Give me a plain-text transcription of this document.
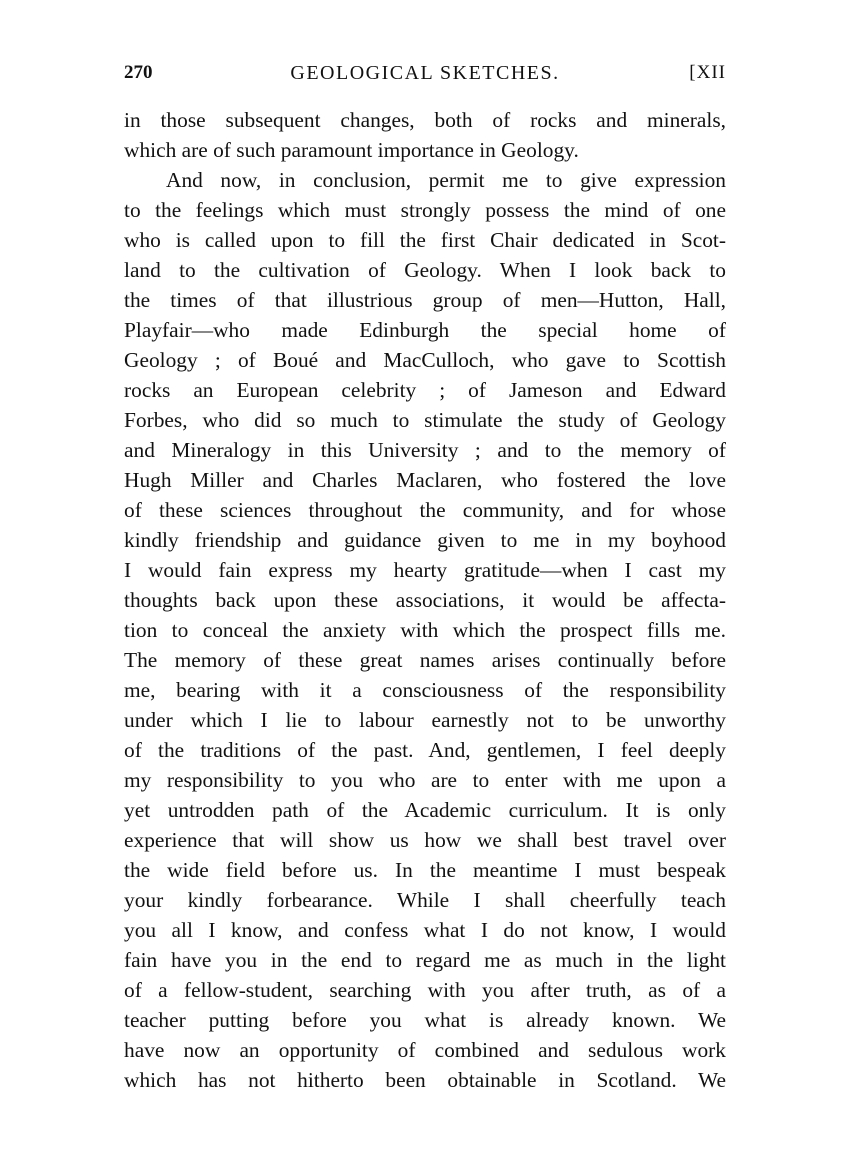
270	GEOLOGICAL SKETCHES.	[XII
in those subsequent changes, both of rocks and minerals,
which are of such paramount importance in Geology.
And now, in conclusion, permit me to give expression
to the feelings which must strongly possess the mind of one
who is called upon to fill the first Chair dedicated in Scot-
land to the cultivation of Geology. When I look back to
the times of that illustrious group of men—Hutton, Hall,
Playfair—who made Edinburgh the special home of
Geology ; of Boué and MacCulloch, who gave to Scottish
rocks an European celebrity ; of Jameson and Edward
Forbes, who did so much to stimulate the study of Geology
and Mineralogy in this University ; and to the memory of
Hugh Miller and Charles Maclaren, who fostered the love
of these sciences throughout the community, and for whose
kindly friendship and guidance given to me in my boyhood
I would fain express my hearty gratitude—when I cast my
thoughts back upon these associations, it would be affecta-
tion to conceal the anxiety with which the prospect fills me.
The memory of these great names arises continually before
me, bearing with it a consciousness of the responsibility
under which I lie to labour earnestly not to be unworthy
of the traditions of the past. And, gentlemen, I feel deeply
my responsibility to you who are to enter with me upon a
yet untrodden path of the Academic curriculum. It is only
experience that will show us how we shall best travel over
the wide field before us. In the meantime I must bespeak
your kindly forbearance. While I shall cheerfully teach
you all I know, and confess what I do not know, I would
fain have you in the end to regard me as much in the light
of a fellow-student, searching with you after truth, as of a
teacher putting before you what is already known. We
have now an opportunity of combined and sedulous work
which has not hitherto been obtainable in Scotland. We
